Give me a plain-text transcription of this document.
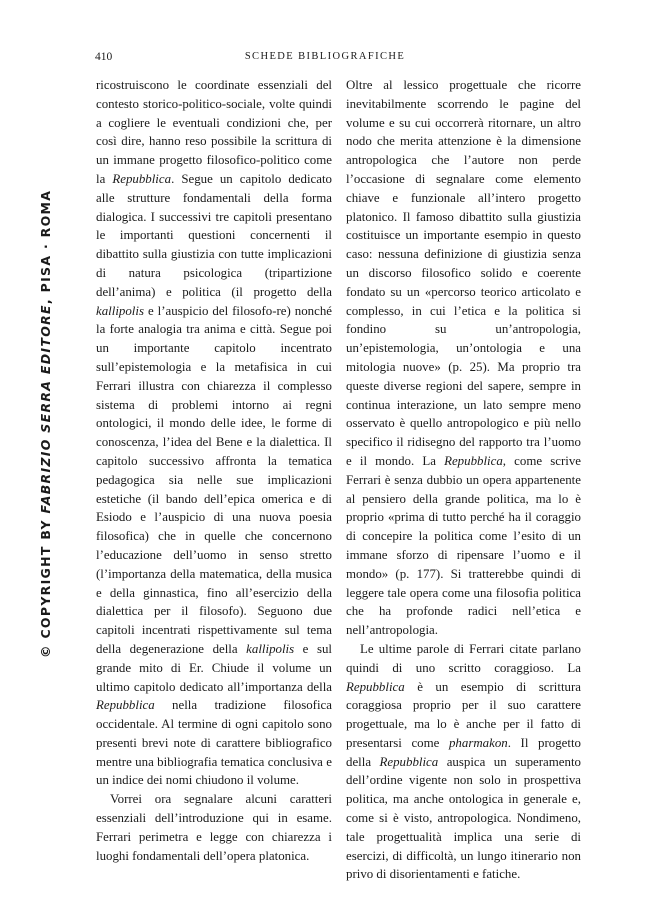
410	SCHEDE BIBLIOGRAFICHE
© COPYRIGHT BY FABRIZIO SERRA EDITORE, PISA · ROMA

ricostruiscono le coordinate essenziali del contesto storico-politico-sociale, volte quindi a cogliere le eventuali condizioni che, per così dire, hanno reso possibile la scrittura di un immane progetto filosofico-politico come la Repubblica. Segue un capitolo dedicato alle strutture fondamentali della forma dialogica. I successivi tre capitoli presentano le importanti questioni concernenti il dibattito sulla giustizia con tutte implicazioni di natura psicologica (tripartizione dell’anima) e politica (il progetto della kallipolis e l’auspicio del filosofo-re) nonché la forte analogia tra anima e città. Segue poi un importante capitolo incentrato sull’epistemologia e la metafisica in cui Ferrari illustra con chiarezza il complesso sistema di problemi intorno ai regni ontologici, il mondo delle idee, le forme di conoscenza, l’idea del Bene e la dialettica. Il capitolo successivo affronta la tematica pedagogica sia nelle sue implicazioni estetiche (il bando dell’epica omerica e di Esiodo e l’auspicio di una nuova poesia filosofica) che in quelle che concernono l’educazione dell’uomo in senso stretto (l’importanza della matematica, della musica e della ginnastica, fino all’esercizio della dialettica per il filosofo). Seguono due capitoli incentrati rispettivamente sul tema della degenerazione della kallipolis e sul grande mito di Er. Chiude il volume un ultimo capitolo dedicato all’importanza della Repubblica nella tradizione filosofica occidentale. Al termine di ogni capitolo sono presenti brevi note di carattere bibliografico mentre una bibliografia tematica conclusiva e un indice dei nomi chiudono il volume.

Vorrei ora segnalare alcuni caratteri essenziali dell’introduzione qui in esame. Ferrari perimetra e legge con chiarezza i luoghi fondamentali dell’opera platonica.

Oltre al lessico progettuale che ricorre inevitabilmente scorrendo le pagine del volume e su cui occorrerà ritornare, un altro nodo che merita attenzione è la dimensione antropologica che l’autore non perde l’occasione di segnalare come elemento chiave e funzionale all’intero progetto platonico. Il famoso dibattito sulla giustizia costituisce un importante esempio in questo caso: nessuna definizione di giustizia senza un discorso filosofico solido e coerente fondato su un «percorso teorico articolato e complesso, in cui l’etica e la politica si fondino su un’antropologia, un’epistemologia, un’ontologia e una mitologia nuove» (p. 25). Ma proprio tra queste diverse regioni del sapere, sempre in continua interazione, un lato sempre meno osservato è quello antropologico e più nello specifico il ridisegno del rapporto tra l’uomo e il mondo. La Repubblica, come scrive Ferrari è senza dubbio un opera appartenente al pensiero della grande politica, ma lo è proprio «prima di tutto perché ha il coraggio di concepire la politica come l’esito di un immane sforzo di ripensare l’uomo e il mondo» (p. 177). Si tratterebbe quindi di leggere tale opera come una filosofia politica che ha profonde radici nell’etica e nell’antropologia.

Le ultime parole di Ferrari citate parlano quindi di uno scritto coraggioso. La Repubblica è un esempio di scrittura coraggiosa proprio per il suo carattere progettuale, ma lo è anche per il fatto di presentarsi come pharmakon. Il progetto della Repubblica auspica un superamento dell’ordine vigente non solo in prospettiva politica, ma anche ontologica in generale e, come si è visto, antropologica. Nondimeno, tale progettualità implica una serie di esercizi, di difficoltà, un lungo itinerario non privo di disorientamenti e fatiche.
